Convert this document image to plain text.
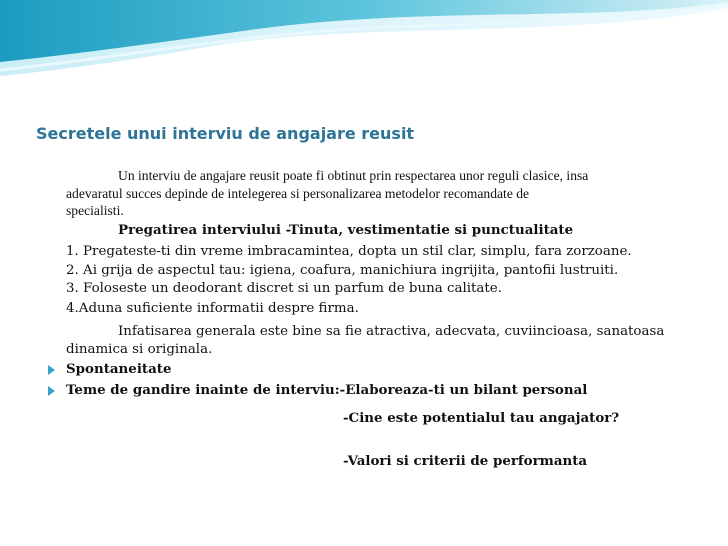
Secretele unui interviu de angajare reusit
Un interviu de angajare reusit poate fi obtinut prin respectarea unor reguli clasice, insa
adevaratul succes depinde de intelegerea si personalizarea metodelor recomandate de
specialisti.
Pregatirea interviului -Tinuta, vestimentatie si punctualitate
1. Pregateste-ti din vreme imbracamintea, dopta un stil clar, simplu, fara zorzoane.
2. Ai grija de aspectul tau: igiena, coafura, manichiura ingrijita, pantofii lustruiti.
3. Foloseste un deodorant discret si un parfum de buna calitate.
4.Aduna suficiente informatii despre firma.
Infatisarea generala este bine sa fie atractiva, adecvata, cuviincioasa, sanatoasa
dinamica si originala.
Spontaneitate
Teme de gandire inainte de interviu:-Elaboreaza-ti un bilant personal
-Cine este potentialul tau angajator?
-Valori si criterii de performanta
